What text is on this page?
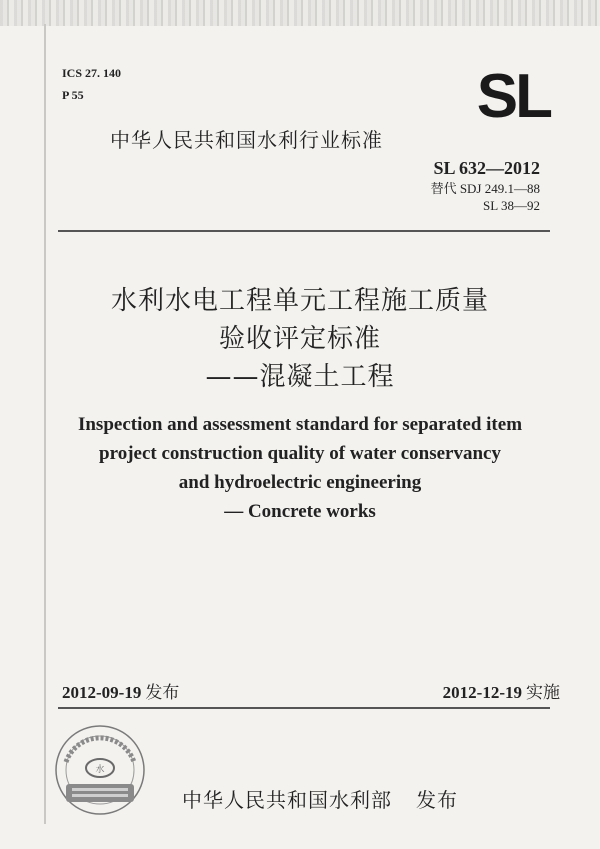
ICS 27. 140
P 55	SL
中华人民共和国水利行业标准
SL 632—2012
替代 SDJ 249.1—88
SL 38—92
水利水电工程单元工程施工质量
验收评定标准
——混凝土工程
Inspection and assessment standard for separated item
project construction quality of water conservancy
and hydroelectric engineering
— Concrete works
2012-09-19 发布	2012-12-19 实施
水
中华人民共和国水利部 发布
